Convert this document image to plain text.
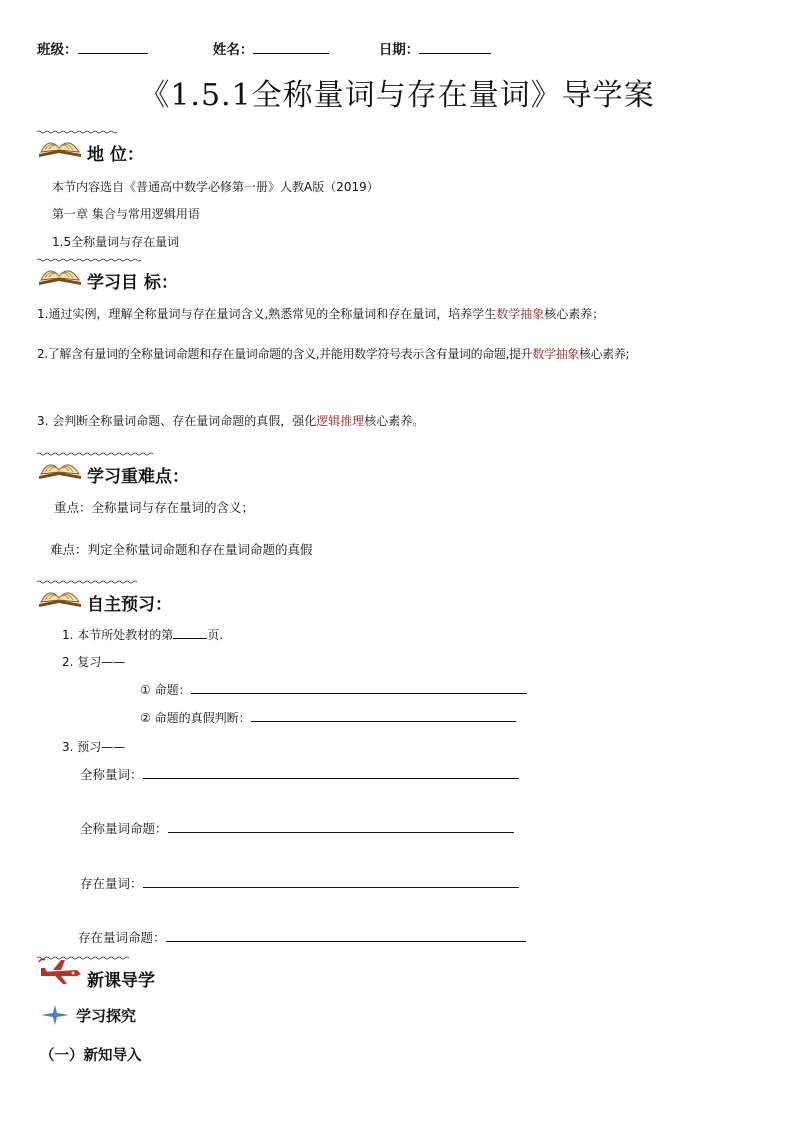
班级：	姓名：	日期：
《1.5.1全称量词与存在量词》导学案
地 位：
本节内容选自《普通高中数学必修第一册》人教A版（2019）
第一章 集合与常用逻辑用语
1.5全称量词与存在量词
学习目 标：
1.通过实例，理解全称量词与存在量词含义,熟悉常见的全称量词和存在量词，培养学生数学抽象核心素养；
2.了解含有量词的全称量词命题和存在量词命题的含义,并能用数学符号表示含有量词的命题,提升数学抽象核心素养;
3. 会判断全称量词命题、存在量词命题的真假，强化逻辑推理核心素养。
学习重难点：
重点：全称量词与存在量词的含义；
难点：判定全称量词命题和存在量词命题的真假
自主预习：
1. 本节所处教材的第	页.
2. 复习——
① 命题：
② 命题的真假判断：
3. 预习——
全称量词：
全称量词命题：
存在量词：
存在量词命题：
新课导学
学习探究
（一）新知导入
